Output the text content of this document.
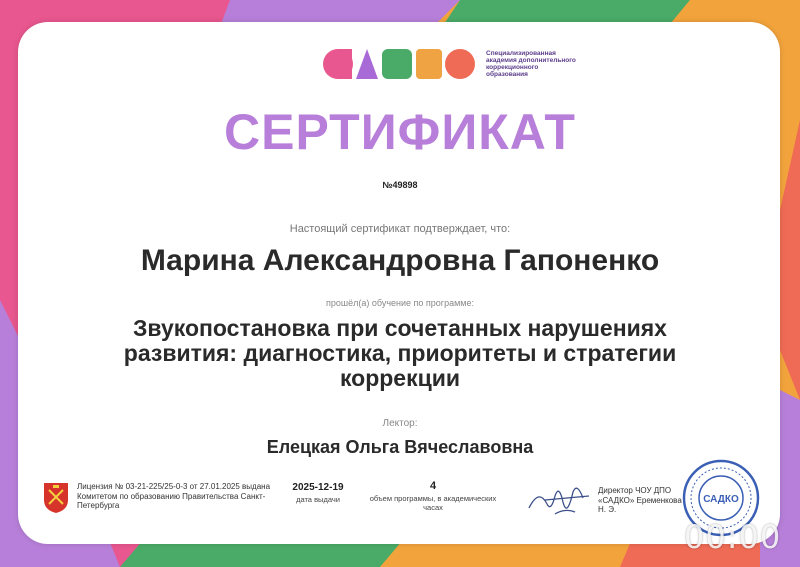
Специализированная академия дополнительного коррекционного образования
СЕРТИФИКАТ
№49898
Настоящий сертификат подтверждает, что:
Марина Александровна Гапоненко
прошёл(а) обучение по программе:
Звукопостановка при сочетанных нарушениях развития: диагностика, приоритеты и стратегии коррекции
Лектор:
Елецкая Ольга Вячеславовна
Лицензия № 03-21-225/25-0-3 от 27.01.2025 выдана Комитетом по образованию Правительства Санкт-Петербурга
2025-12-19
дата выдачи
4
объем программы, в академических часах
Директор ЧОУ ДПО «САДКО» Еременкова Н. Э.
САДКО
00:00
